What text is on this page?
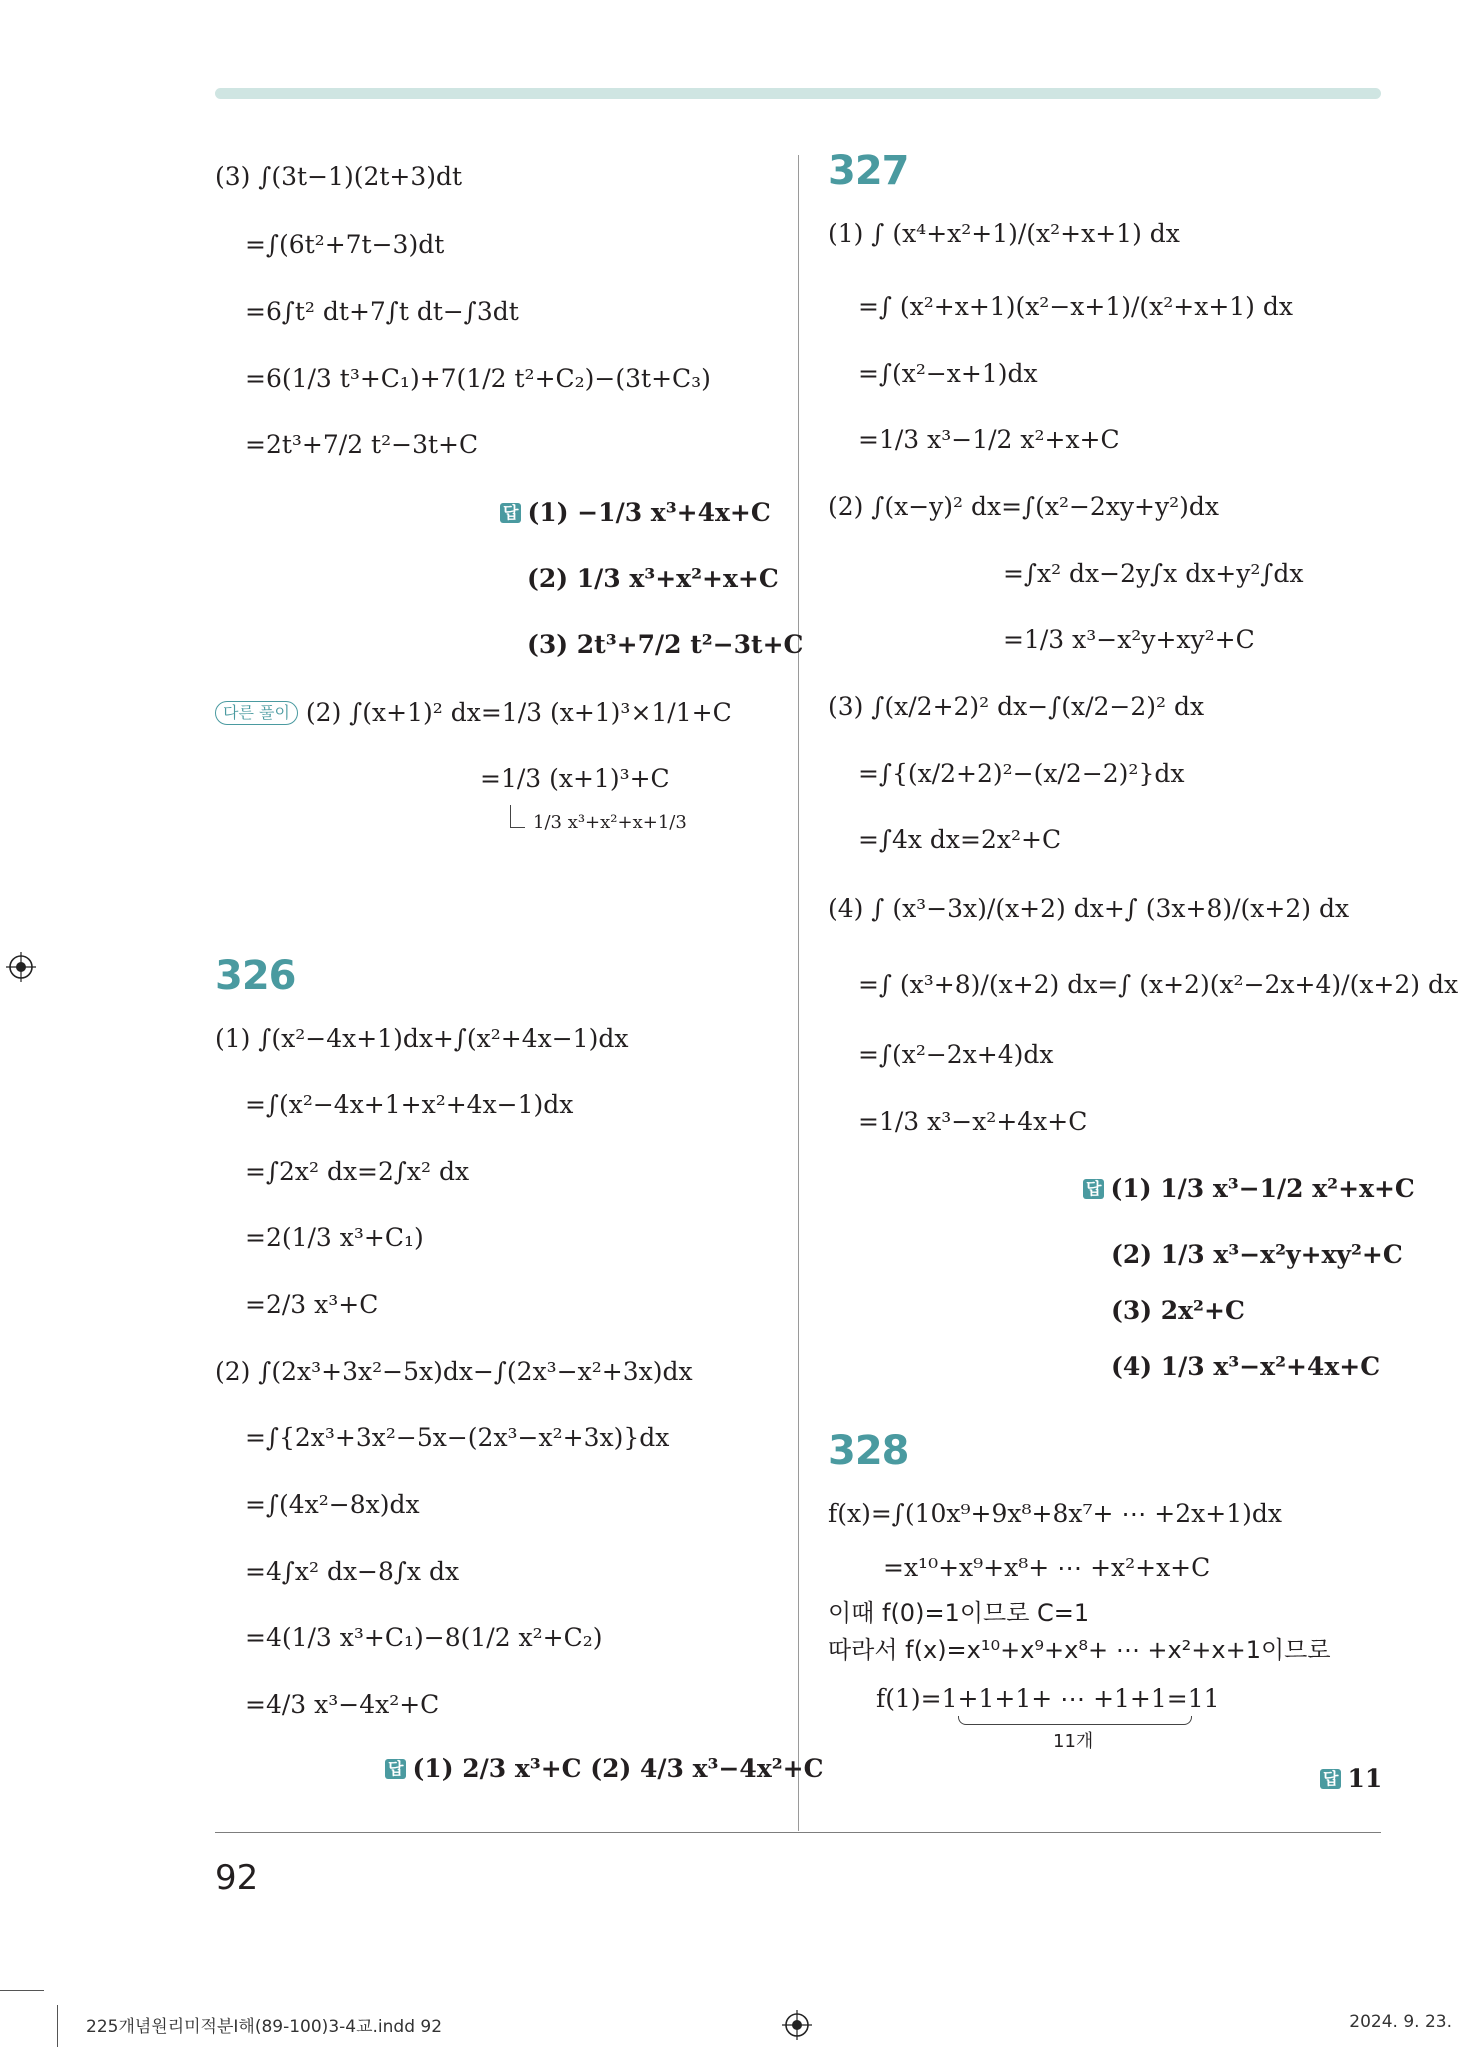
(3) ∫(3t−1)(2t+3)dt
=∫(6t²+7t−3)dt
=6∫t² dt+7∫t dt−∫3dt
=6(1/3 t³+C₁)+7(1/2 t²+C₂)−(3t+C₃)
=2t³+7/2 t²−3t+C
답 (1) −1/3 x³+4x+C
(2) 1/3 x³+x²+x+C
(3) 2t³+7/2 t²−3t+C
다른 풀이 (2) ∫(x+1)² dx=1/3 (x+1)³×1/1+C
=1/3 (x+1)³+C
1/3 x³+x²+x+1/3
326
(1) ∫(x²−4x+1)dx+∫(x²+4x−1)dx
=∫(x²−4x+1+x²+4x−1)dx
=∫2x² dx=2∫x² dx
=2(1/3 x³+C₁)
=2/3 x³+C
(2) ∫(2x³+3x²−5x)dx−∫(2x³−x²+3x)dx
=∫{2x³+3x²−5x−(2x³−x²+3x)}dx
=∫(4x²−8x)dx
=4∫x² dx−8∫x dx
=4(1/3 x³+C₁)−8(1/2 x²+C₂)
=4/3 x³−4x²+C
답 (1) 2/3 x³+C (2) 4/3 x³−4x²+C
327
(1) ∫ (x⁴+x²+1)/(x²+x+1) dx
=∫ (x²+x+1)(x²−x+1)/(x²+x+1) dx
=∫(x²−x+1)dx
=1/3 x³−1/2 x²+x+C
(2) ∫(x−y)² dx=∫(x²−2xy+y²)dx
=∫x² dx−2y∫x dx+y²∫dx
=1/3 x³−x²y+xy²+C
(3) ∫(x/2+2)² dx−∫(x/2−2)² dx
=∫{(x/2+2)²−(x/2−2)²}dx
=∫4x dx=2x²+C
(4) ∫ (x³−3x)/(x+2) dx+∫ (3x+8)/(x+2) dx
=∫ (x³+8)/(x+2) dx=∫ (x+2)(x²−2x+4)/(x+2) dx
=∫(x²−2x+4)dx
=1/3 x³−x²+4x+C
답 (1) 1/3 x³−1/2 x²+x+C
(2) 1/3 x³−x²y+xy²+C
(3) 2x²+C
(4) 1/3 x³−x²+4x+C
328
f(x)=∫(10x⁹+9x⁸+8x⁷+ ⋯ +2x+1)dx
=x¹⁰+x⁹+x⁸+ ⋯ +x²+x+C
이때 f(0)=1이므로 C=1
따라서 f(x)=x¹⁰+x⁹+x⁸+ ⋯ +x²+x+1이므로
f(1)=1+1+1+ ⋯ +1+1=11
11개
답 11
92
225개념원리미적분Ⅰ해(89-100)3-4교.indd 92	2024. 9. 23.
